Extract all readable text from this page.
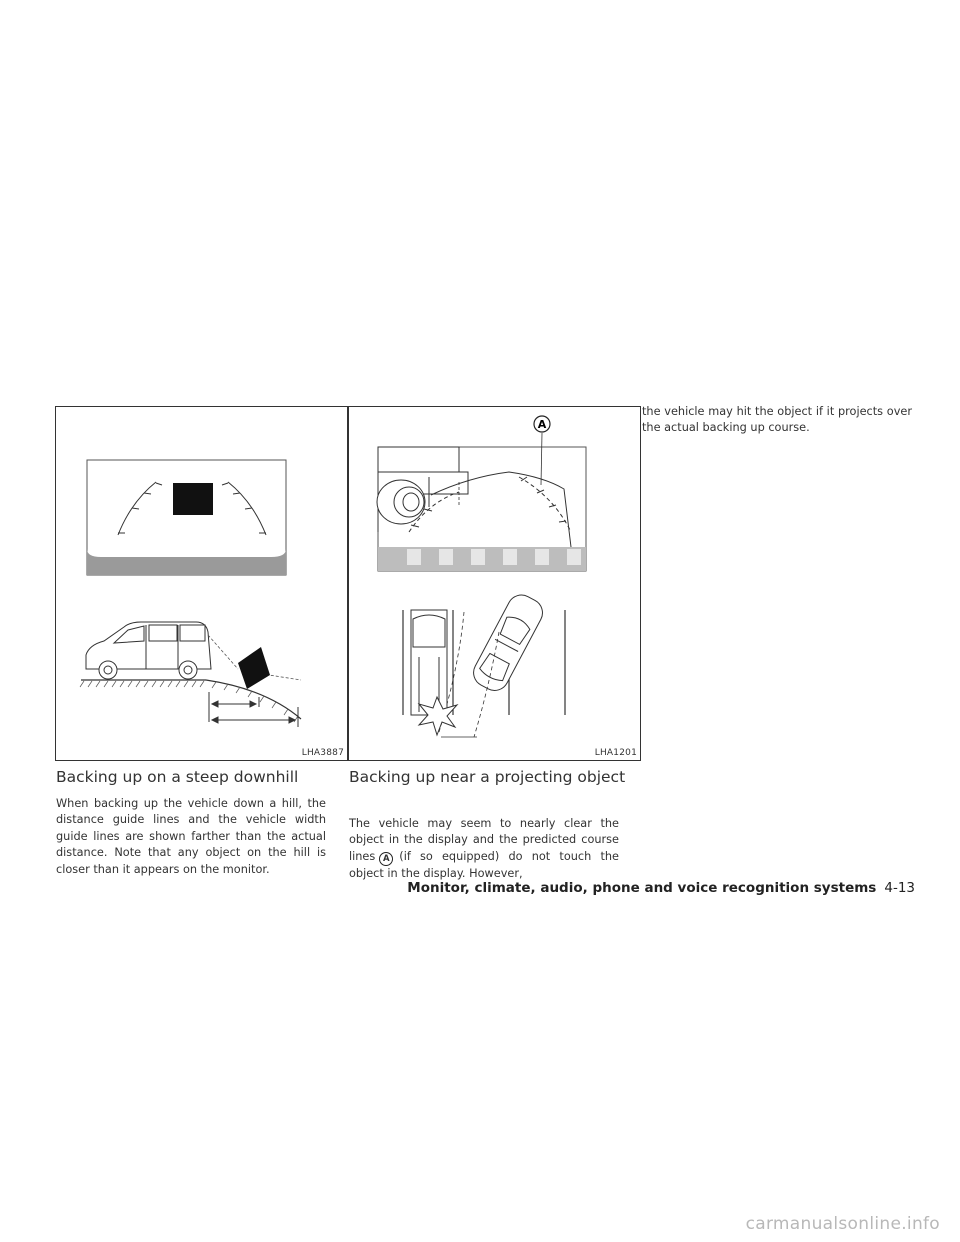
LHA3887
A
LHA1201
Backing up on a steep downhill

When backing up the vehicle down a hill, the distance guide lines and the vehicle width guide lines are shown farther than the actual distance. Note that any object on the hill is closer than it appears on the monitor.

Backing up near a projecting object

The vehicle may seem to nearly clear the object in the display and the predicted course lines A (if so equipped) do not touch the object in the display. However,

the vehicle may hit the object if it projects over the actual backing up course.

Monitor, climate, audio, phone and voice recognition systems 4-13
carmanualsonline.info
